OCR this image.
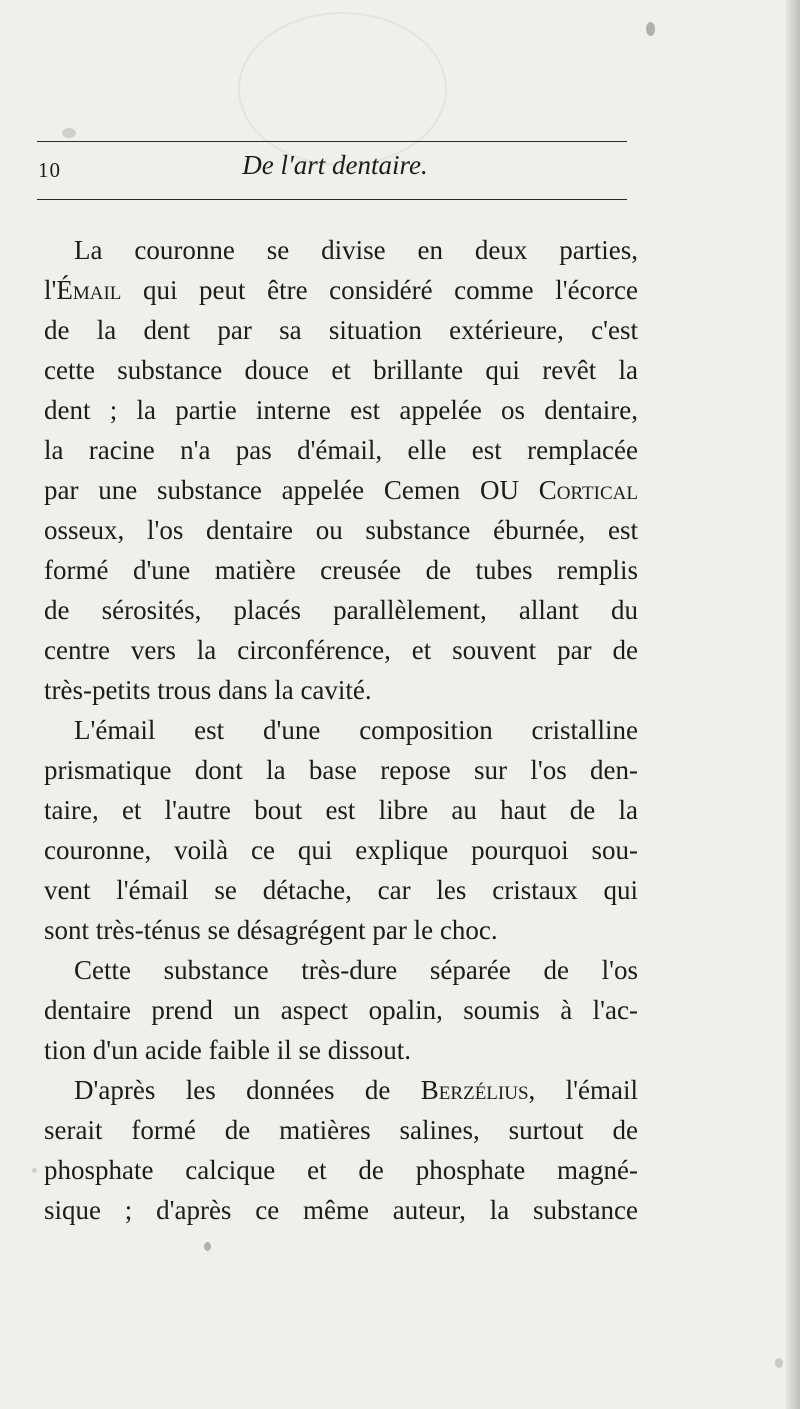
10	De l'art dentaire.
La couronne se divise en deux parties,
l'Émail qui peut être considéré comme l'écorce
de la dent par sa situation extérieure, c'est
cette substance douce et brillante qui revêt la
dent ; la partie interne est appelée os dentaire,
la racine n'a pas d'émail, elle est remplacée
par une substance appelée Cemen OU Cortical
osseux, l'os dentaire ou substance éburnée, est
formé d'une matière creusée de tubes remplis
de sérosités, placés parallèlement, allant du
centre vers la circonférence, et souvent par de
très-petits trous dans la cavité.
L'émail est d'une composition cristalline
prismatique dont la base repose sur l'os den-
taire, et l'autre bout est libre au haut de la
couronne, voilà ce qui explique pourquoi sou-
vent l'émail se détache, car les cristaux qui
sont très-ténus se désagrégent par le choc.
Cette substance très-dure séparée de l'os
dentaire prend un aspect opalin, soumis à l'ac-
tion d'un acide faible il se dissout.
D'après les données de Berzélius, l'émail
serait formé de matières salines, surtout de
phosphate calcique et de phosphate magné-
sique ; d'après ce même auteur, la substance
